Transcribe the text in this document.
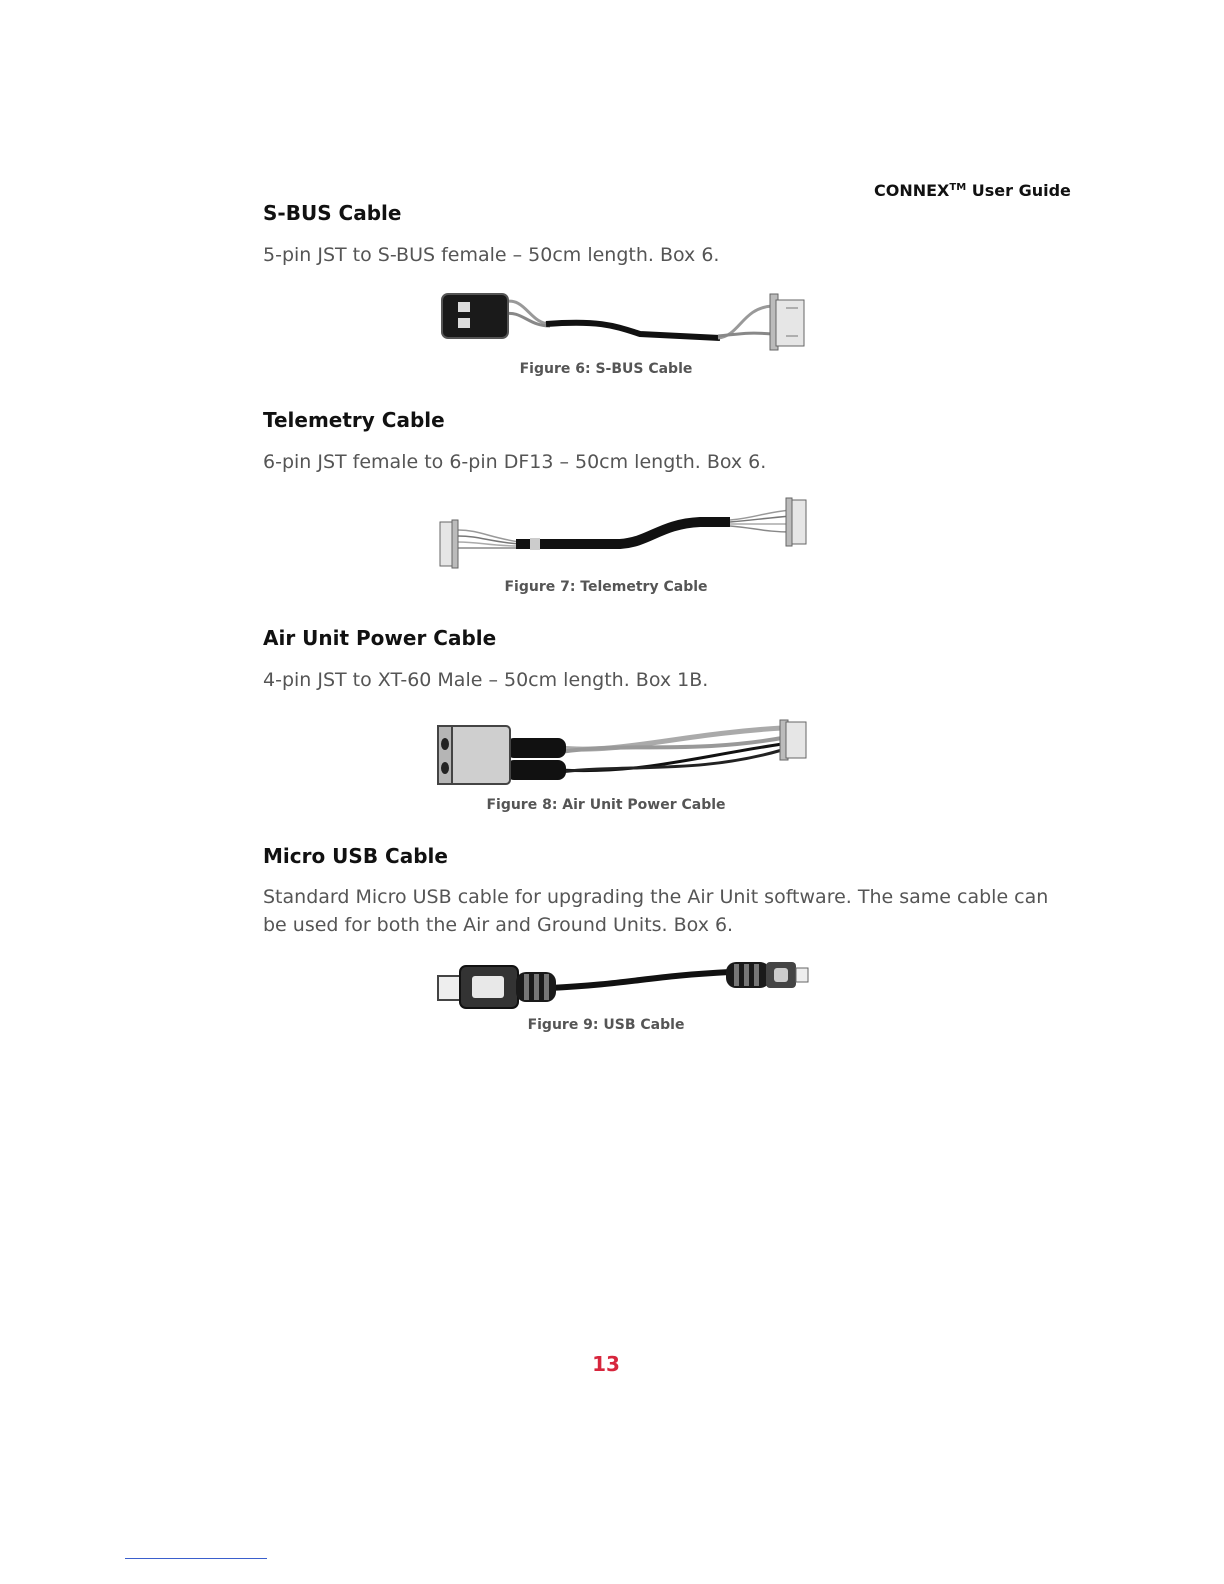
CONNEX™ User Guide
S-BUS Cable

5-pin JST to S-BUS female – 50cm length. Box 6.

Figure 6: S-BUS Cable
Telemetry Cable

6-pin JST female to 6-pin DF13 – 50cm length. Box 6.

Figure 7: Telemetry Cable
Air Unit Power Cable

4-pin JST to XT-60 Male – 50cm length. Box 1B.

Figure 8: Air Unit Power Cable
Micro USB Cable

Standard Micro USB cable for upgrading the Air Unit software. The same cable can be used for both the Air and Ground Units. Box 6.

Figure 9: USB Cable
13
